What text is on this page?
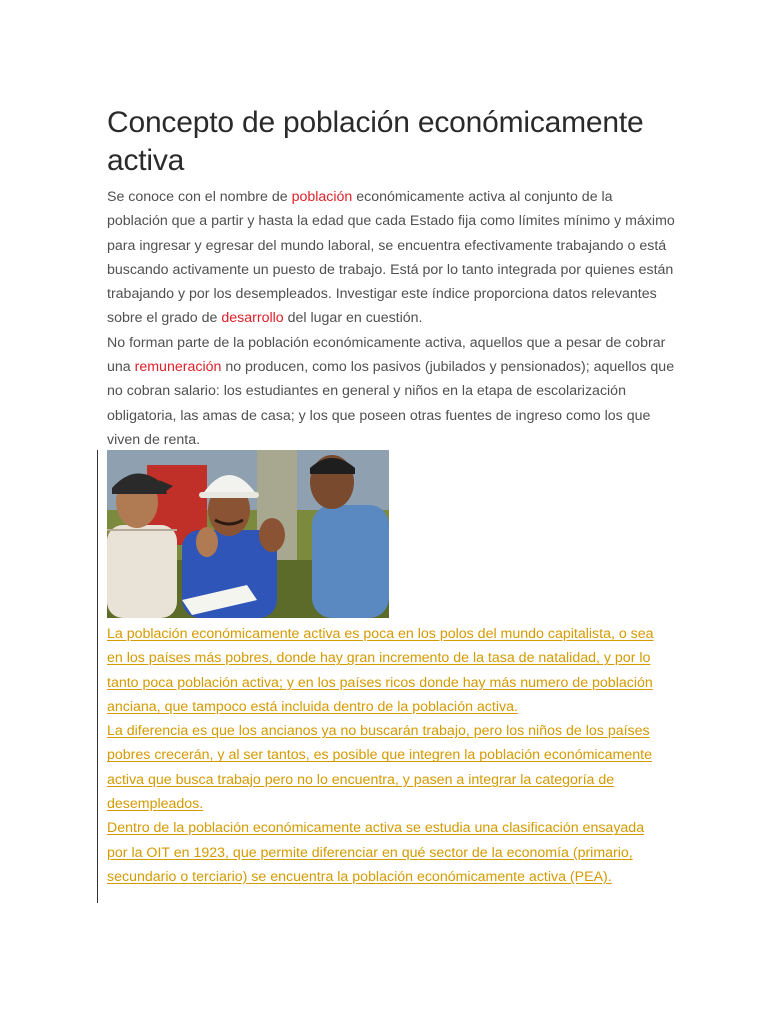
Concepto de población económicamente activa

Se conoce con el nombre de población económicamente activa al conjunto de la población que a partir y hasta la edad que cada Estado fija como límites mínimo y máximo para ingresar y egresar del mundo laboral, se encuentra efectivamente trabajando o está buscando activamente un puesto de trabajo. Está por lo tanto integrada por quienes están trabajando y por los desempleados. Investigar este índice proporciona datos relevantes sobre el grado de desarrollo del lugar en cuestión.

No forman parte de la población económicamente activa, aquellos que a pesar de cobrar una remuneración no producen, como los pasivos (jubilados y pensionados); aquellos que no cobran salario: los estudiantes en general y niños en la etapa de escolarización obligatoria, las amas de casa; y los que poseen otras fuentes de ingreso como los que viven de renta.

La población económicamente activa es poca en los polos del mundo capitalista, o sea en los países más pobres, donde hay gran incremento de la tasa de natalidad, y por lo tanto poca población activa; y en los países ricos donde hay más numero de población anciana, que tampoco está incluida dentro de la población activa.

La diferencia es que los ancianos ya no buscarán trabajo, pero los niños de los países pobres crecerán, y al ser tantos, es posible que integren la población económicamente activa que busca trabajo pero no lo encuentra, y pasen a integrar la categoría de desempleados.

Dentro de la población económicamente activa se estudia una clasificación ensayada por la OIT en 1923, que permite diferenciar en qué sector de la economía (primario, secundario o terciario) se encuentra la población económicamente activa (PEA).
